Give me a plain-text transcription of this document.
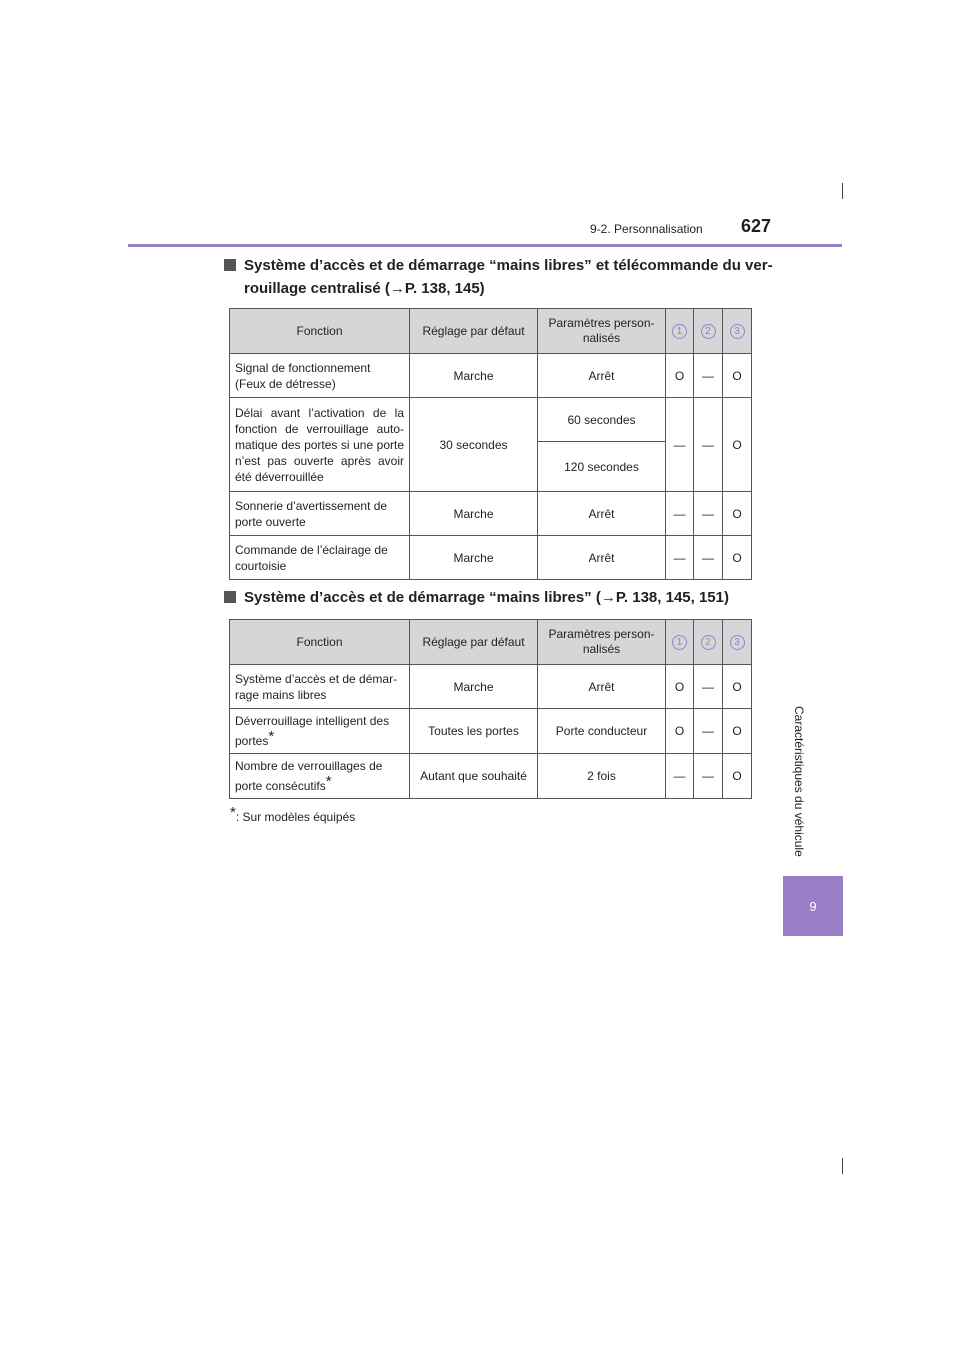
9-2. Personnalisation 627
Caractéristiques du véhicule
9
Système d’accès et de démarrage “mains libres” et télécommande du ver-
rouillage centralisé (→P. 138, 145)
Fonction	Réglage par défaut	Paramètres person-nalisés	1	2	3
Signal de fonctionnement (Feux de détresse)	Marche	Arrêt	O	—	O
Délai avant l’activation de la fonction de verrouillage auto-matique des portes si une porte n’est pas ouverte après avoir été déverrouillée	30 secondes	60 secondes	—	—	O
		120 secondes			
Sonnerie d’avertissement de porte ouverte	Marche	Arrêt	—	—	O
Commande de l’éclairage de courtoisie	Marche	Arrêt	—	—	O
Système d’accès et de démarrage “mains libres” (→P. 138, 145, 151)
Fonction	Réglage par défaut	Paramètres person-nalisés	1	2	3
Système d’accès et de démar-rage mains libres	Marche	Arrêt	O	—	O
Déverrouillage intelligent des portes*	Toutes les portes	Porte conducteur	O	—	O
Nombre de verrouillages de porte consécutifs*	Autant que souhaité	2 fois	—	—	O
*: Sur modèles équipés
